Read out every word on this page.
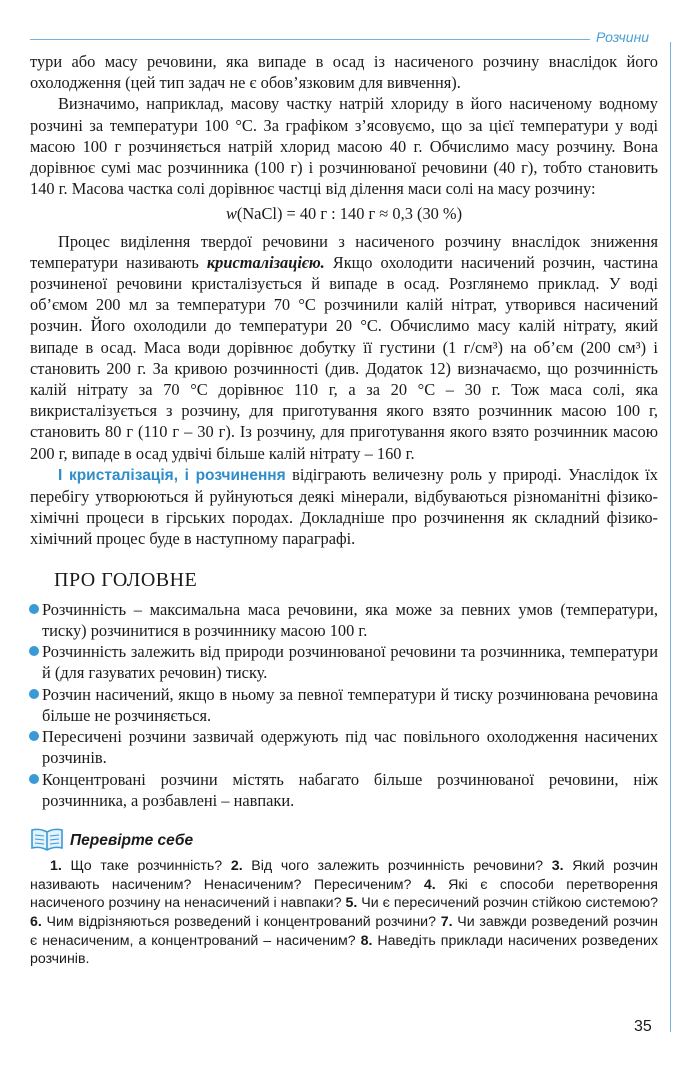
Розчини

тури або масу речовини, яка випаде в осад із насиченого розчину внаслідок його охолодження (цей тип задач не є обов’язковим для вивчення).

Визначимо, наприклад, масову частку натрій хлориду в його насиченому водному розчині за температури 100 °С. За графіком з’ясовуємо, що за цієї температури у воді масою 100 г розчиняється натрій хлорид масою 40 г. Обчислимо масу розчину. Вона дорівнює сумі мас розчинника (100 г) і розчинюваної речовини (40 г), тобто становить 140 г. Масова частка солі дорівнює частці від ділення маси солі на масу розчину:

w(NaCl) = 40 г : 140 г ≈ 0,3 (30 %)

Процес виділення твердої речовини з насиченого розчину внаслідок зниження температури називають кристалізацією. Якщо охолодити насичений розчин, частина розчиненої речовини кристалізується й випаде в осад. Розглянемо приклад. У воді об’ємом 200 мл за температури 70 °С розчинили калій нітрат, утворився насичений розчин. Його охолодили до температури 20 °С. Обчислимо масу калій нітрату, який випаде в осад. Маса води дорівнює добутку її густини (1 г/см³) на об’єм (200 см³) і становить 200 г. За кривою розчинності (див. Додаток 12) визначаємо, що розчинність калій нітрату за 70 °С дорівнює 110 г, а за 20 °С – 30 г. Тож маса солі, яка викристалізується з розчину, для приготування якого взято розчинник масою 100 г, становить 80 г (110 г – 30 г). Із розчину, для приготування якого взято розчинник масою 200 г, випаде в осад удвічі більше калій нітрату – 160 г.

І кристалізація, і розчинення відіграють величезну роль у природі. Унаслідок їх перебігу утворюються й руйнуються деякі мінерали, відбуваються різноманітні фізико-хімічні процеси в гірських породах. Докладніше про розчинення як складний фізико-хімічний процес буде в наступному параграфі.

ПРО ГОЛОВНЕ

Розчинність – максимальна маса речовини, яка може за певних умов (температури, тиску) розчинитися в розчиннику масою 100 г.
Розчинність залежить від природи розчинюваної речовини та розчинника, температури й (для газуватих речовин) тиску.
Розчин насичений, якщо в ньому за певної температури й тиску розчинювана речовина більше не розчиняється.
Пересичені розчини зазвичай одержують під час повільного охолодження насичених розчинів.
Концентровані розчини містять набагато більше розчинюваної речовини, ніж розчинника, а розбавлені – навпаки.
Перевірте себе

1. Що таке розчинність? 2. Від чого залежить розчинність речовини? 3. Який розчин називають насиченим? Ненасиченим? Пересиченим? 4. Які є способи перетворення насиченого розчину на ненасичений і навпаки? 5. Чи є пересичений розчин стійкою системою? 6. Чим відрізняються розведений і концентрований розчини? 7. Чи завжди розведений розчин є ненасиченим, а концентрований – насиченим? 8. Наведіть приклади насичених розведених розчинів.

35
